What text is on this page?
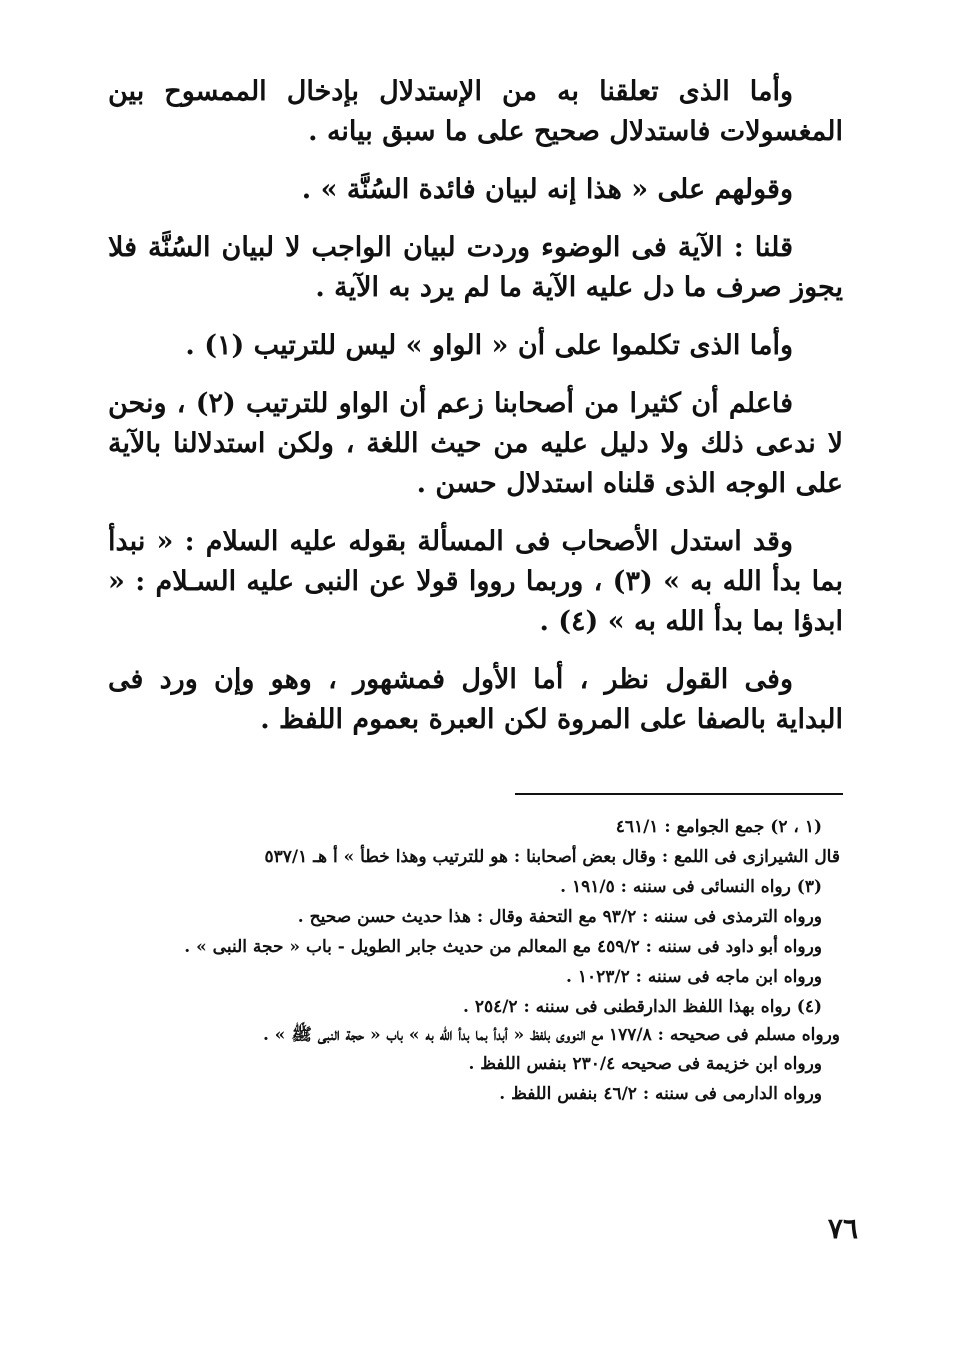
وأما الذى تعلقنا به من الإستدلال بإدخال الممسوح بين المغسولات فاستدلال صحيح على ما سبق بيانه .

وقولهم على « هذا إنه لبيان فائدة السُنَّة » .

قلنا : الآية فى الوضوء وردت لبيان الواجب لا لبيان السُنَّة فلا يجوز صرف ما دل عليه الآية ما لم يرد به الآية .

وأما الذى تكلموا على أن « الواو » ليس للترتيب (١) .

فاعلم أن كثيرا من أصحابنا زعم أن الواو للترتيب (٢) ، ونحن لا ندعى ذلك ولا دليل عليه من حيث اللغة ، ولكن استدلالنا بالآية على الوجه الذى قلناه استدلال حسن .

وقد استدل الأصحاب فى المسألة بقوله عليه السلام : « نبدأ بما بدأ الله به » (٣) ، وربما رووا قولا عن النبى عليه السـلام : « ابدؤا بما بدأ الله به » (٤) .

وفى القول نظر ، أما الأول فمشهور ، وهو وإن ورد فى البداية بالصفا على المروة لكن العبرة بعموم اللفظ .

(١ ، ٢) جمع الجوامع : ٤٦١/١

قال الشيرازى فى اللمع : وقال بعض أصحابنا : هو للترتيب وهذا خطأ » أ هـ ٥٣٧/١

(٣) رواه النسائى فى سننه : ١٩١/٥ .

ورواه الترمذى فى سننه : ٩٣/٢ مع التحفة وقال : هذا حديث حسن صحيح .

ورواه أبو داود فى سننه : ٤٥٩/٢ مع المعالم من حديث جابر الطويل - باب « حجة النبى » .

ورواه ابن ماجه فى سننه : ١٠٢٣/٢ .

(٤) رواه بهذا اللفظ الدارقطنى فى سننه : ٢٥٤/٢ .

ورواه مسلم فى صحيحه : ١٧٧/٨ مع النووى بلفظ « أبدأ بما بدأ الله به » باب « حجة النبى ﷺ » .

ورواه ابن خزيمة فى صحيحه ٢٣٠/٤ بنفس اللفظ .

ورواه الدارمى فى سننه : ٤٦/٢ بنفس اللفظ .

٧٦
